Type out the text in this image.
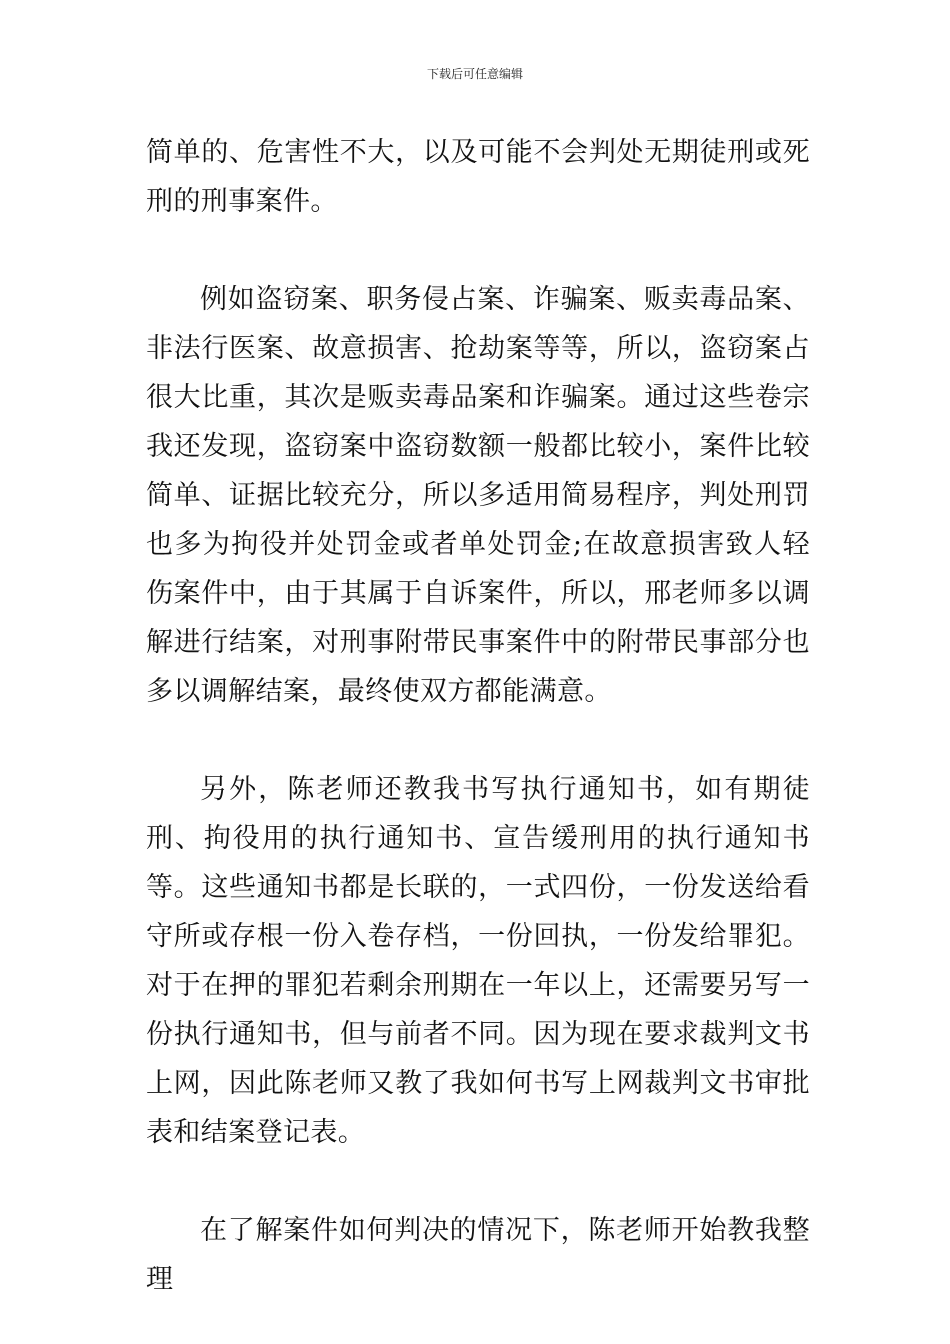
下载后可任意编辑

简单的、危害性不大，以及可能不会判处无期徒刑或死刑的刑事案件。

例如盗窃案、职务侵占案、诈骗案、贩卖毒品案、非法行医案、故意损害、抢劫案等等，所以，盗窃案占很大比重，其次是贩卖毒品案和诈骗案。通过这些卷宗我还发现，盗窃案中盗窃数额一般都比较小，案件比较简单、证据比较充分，所以多适用简易程序，判处刑罚也多为拘役并处罚金或者单处罚金;在故意损害致人轻伤案件中，由于其属于自诉案件，所以，邢老师多以调解进行结案，对刑事附带民事案件中的附带民事部分也多以调解结案，最终使双方都能满意。

另外，陈老师还教我书写执行通知书，如有期徒刑、拘役用的执行通知书、宣告缓刑用的执行通知书等。这些通知书都是长联的，一式四份，一份发送给看守所或存根一份入卷存档，一份回执，一份发给罪犯。对于在押的罪犯若剩余刑期在一年以上，还需要另写一份执行通知书，但与前者不同。因为现在要求裁判文书上网，因此陈老师又教了我如何书写上网裁判文书审批表和结案登记表。

在了解案件如何判决的情况下，陈老师开始教我整理
